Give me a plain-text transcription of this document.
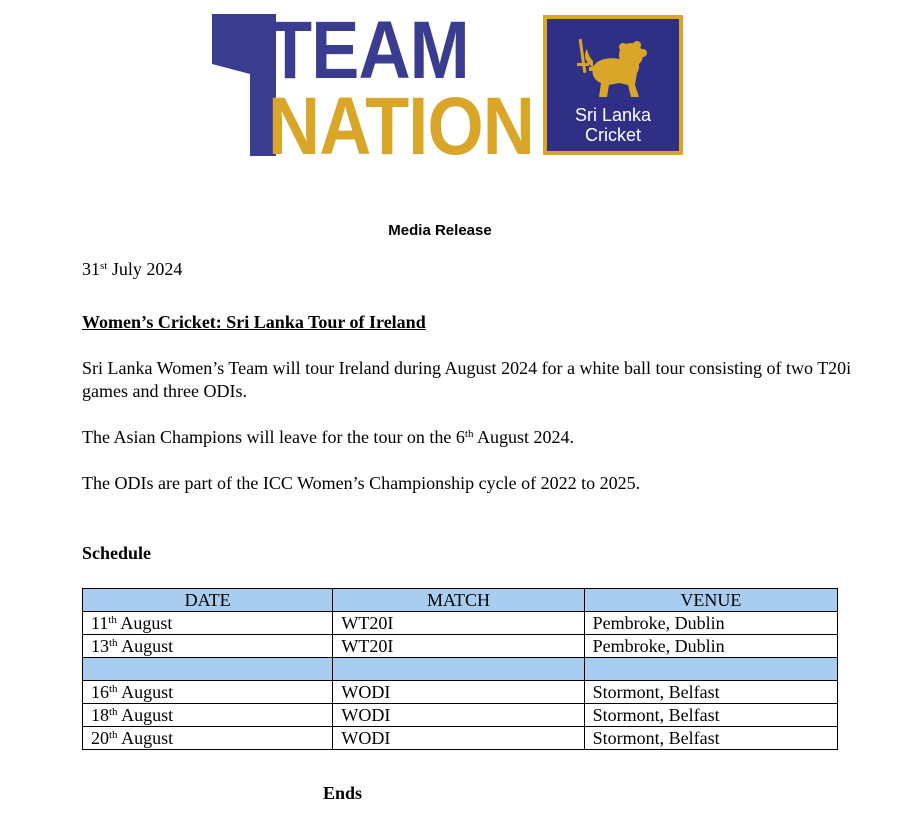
TEAM
NATION	Sri Lanka
Cricket
Media Release
31st July 2024
Women’s Cricket: Sri Lanka Tour of Ireland
Sri Lanka Women’s Team will tour Ireland during August 2024 for a white ball tour consisting of two T20i games and three ODIs.
The Asian Champions will leave for the tour on the 6th August 2024.
The ODIs are part of the ICC Women’s Championship cycle of 2022 to 2025.
Schedule
DATE	MATCH	VENUE
11th August	WT20I	Pembroke, Dublin
13th August	WT20I	Pembroke, Dublin

16th August	WODI	Stormont, Belfast
18th August	WODI	Stormont, Belfast
20th August	WODI	Stormont, Belfast
Ends
